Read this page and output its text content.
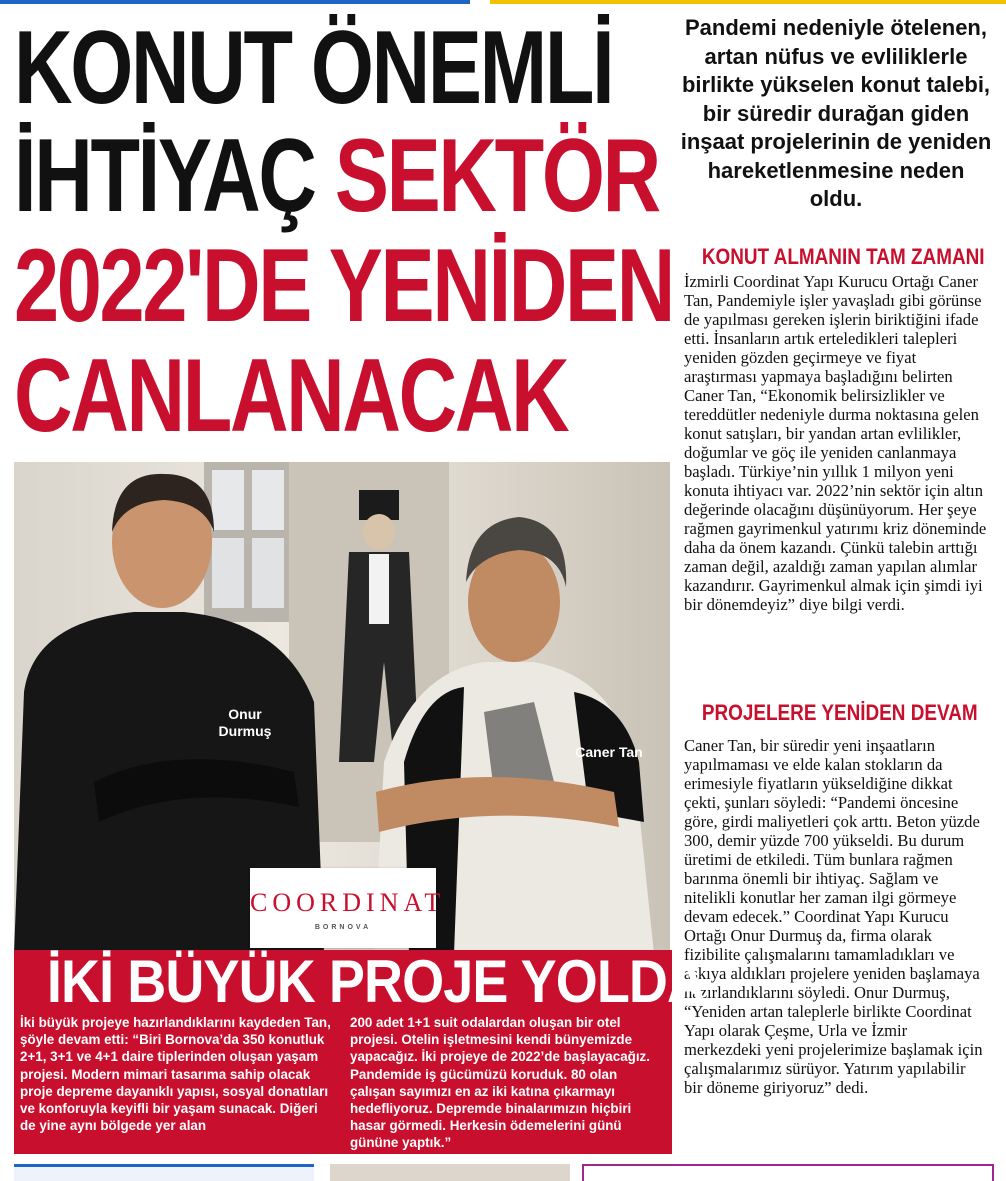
KONUT ÖNEMLİ
İHTİYAÇ SEKTÖR
2022'DE YENİDEN
CANLANACAK
Pandemi nedeniyle ötelenen, artan nüfus ve evliliklerle birlikte yükselen konut talebi, bir süredir durağan giden inşaat projelerinin de yeniden hareketlenmesine neden oldu.
KONUT ALMANIN TAM ZAMANI
İzmirli Coordinat Yapı Kurucu Ortağı Caner Tan, Pandemiyle işler yavaşladı gibi görünse de yapılması gereken işlerin biriktiğini ifade etti. İnsanların artık erteledikleri talepleri yeniden gözden geçirmeye ve fiyat araştırması yapmaya başladığını belirten Caner Tan, “Ekonomik belirsizlikler ve tereddütler nedeniyle durma noktasına gelen konut satışları, bir yandan artan evlilikler, doğumlar ve göç ile yeniden canlanmaya başladı. Türkiye’nin yıllık 1 milyon yeni konuta ihtiyacı var. 2022’nin sektör için altın değerinde olacağını düşünüyorum. Her şeye rağmen gayrimenkul yatırımı kriz döneminde daha da önem kazandı. Çünkü talebin arttığı zaman değil, azaldığı zaman yapılan alımlar kazandırır. Gayrimenkul almak için şimdi iyi bir dönemdeyiz” diye bilgi verdi.
PROJELERE YENİDEN DEVAM
Caner Tan, bir süredir yeni inşaatların yapılmaması ve elde kalan stokların da erimesiyle fiyatların yükseldiğine dikkat çekti, şunları söyledi: “Pandemi öncesine göre, girdi maliyetleri çok arttı. Beton yüzde 300, demir yüzde 700 yükseldi. Bu durum üretimi de etkiledi. Tüm bunlara rağmen barınma önemli bir ihtiyaç. Sağlam ve nitelikli konutlar her zaman ilgi görmeye devam edecek.” Coordinat Yapı Kurucu Ortağı Onur Durmuş da, firma olarak fizibilite çalışmalarını tamamladıkları ve askıya aldıkları projelere yeniden başlamaya hazırlandıklarını söyledi. Onur Durmuş, “Yeniden artan taleplerle birlikte Coordinat Yapı olarak Çeşme, Urla ve İzmir merkezdeki yeni projelerimize başlamak için çalışmalarımız sürüyor. Yatırım yapılabilir bir döneme giriyoruz” dedi.
Onur Durmuş
Caner Tan
COORDINAT
BORNOVA
İKİ BÜYÜK PROJE YOLDA
İki büyük projeye hazırlandıklarını kaydeden Tan, şöyle devam etti: “Biri Bornova’da 350 konutluk 2+1, 3+1 ve 4+1 daire tiplerinden oluşan yaşam projesi. Modern mimari tasarıma sahip olacak proje depreme dayanıklı yapısı, sosyal donatıları ve konforuyla keyifli bir yaşam sunacak. Diğeri de yine aynı bölgede yer alan
200 adet 1+1 suit odalardan oluşan bir otel projesi. Otelin işletmesini kendi bünyemizde yapacağız. İki projeye de 2022’de başlayacağız. Pandemide iş gücümüzü koruduk. 80 olan çalışan sayımızı en az iki katına çıkarmayı hedefliyoruz. Depremde binalarımızın hiçbiri hasar görmedi. Herkesin ödemelerini günü gününe yaptık.”
